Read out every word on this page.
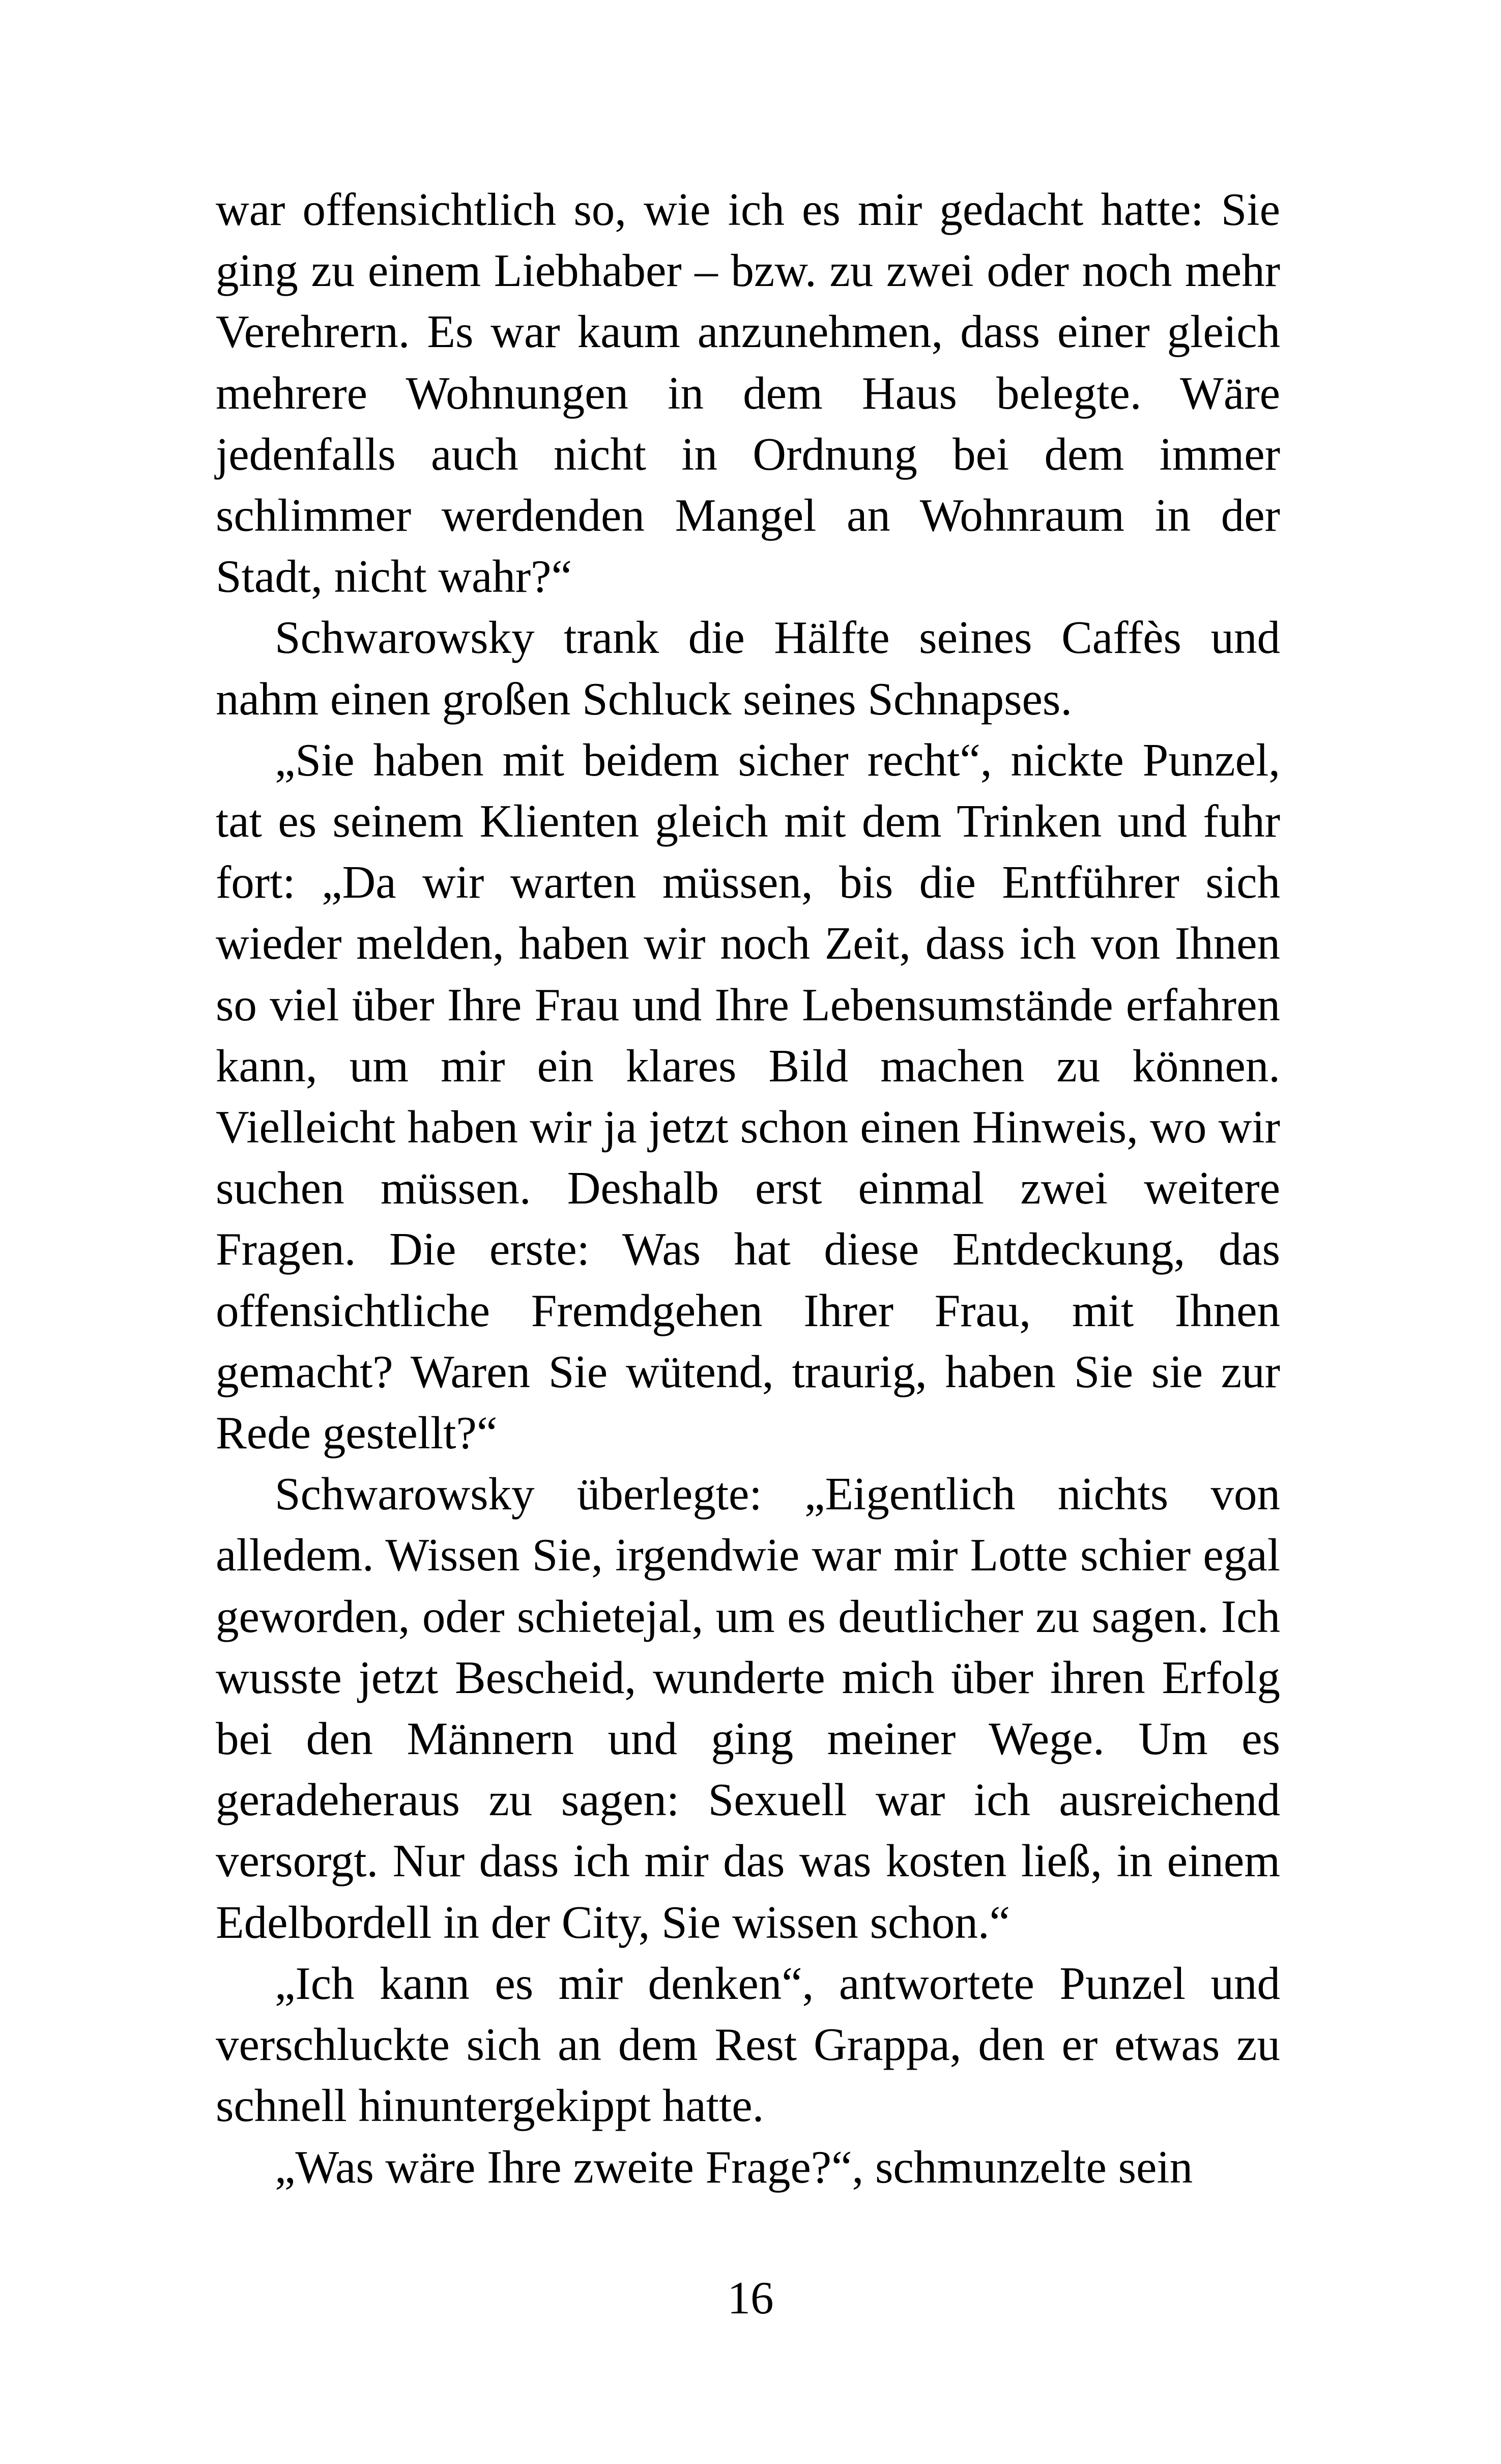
war offensichtlich so, wie ich es mir gedacht hatte: Sie ging zu einem Liebhaber – bzw. zu zwei oder noch mehr Verehrern. Es war kaum anzunehmen, dass einer gleich mehrere Wohnungen in dem Haus belegte. Wäre jedenfalls auch nicht in Ordnung bei dem immer schlimmer werdenden Mangel an Wohnraum in der Stadt, nicht wahr?“

Schwarowsky trank die Hälfte seines Caffès und nahm einen großen Schluck seines Schnapses.

„Sie haben mit beidem sicher recht“, nickte Punzel, tat es seinem Klienten gleich mit dem Trinken und fuhr fort: „Da wir warten müssen, bis die Entführer sich wieder melden, haben wir noch Zeit, dass ich von Ihnen so viel über Ihre Frau und Ihre Lebensumstände erfahren kann, um mir ein klares Bild machen zu können. Vielleicht haben wir ja jetzt schon einen Hinweis, wo wir suchen müssen. Deshalb erst einmal zwei weitere Fragen. Die erste: Was hat diese Entdeckung, das offensichtliche Fremdgehen Ihrer Frau, mit Ihnen gemacht? Waren Sie wütend, traurig, haben Sie sie zur Rede gestellt?“

Schwarowsky überlegte: „Eigentlich nichts von alledem. Wissen Sie, irgendwie war mir Lotte schier egal geworden, oder schietejal, um es deutlicher zu sagen. Ich wusste jetzt Bescheid, wunderte mich über ihren Erfolg bei den Männern und ging meiner Wege. Um es geradeheraus zu sagen: Sexuell war ich ausreichend versorgt. Nur dass ich mir das was kosten ließ, in einem Edelbordell in der City, Sie wissen schon.“

„Ich kann es mir denken“, antwortete Punzel und verschluckte sich an dem Rest Grappa, den er etwas zu schnell hinuntergekippt hatte.

„Was wäre Ihre zweite Frage?“, schmunzelte sein

16
